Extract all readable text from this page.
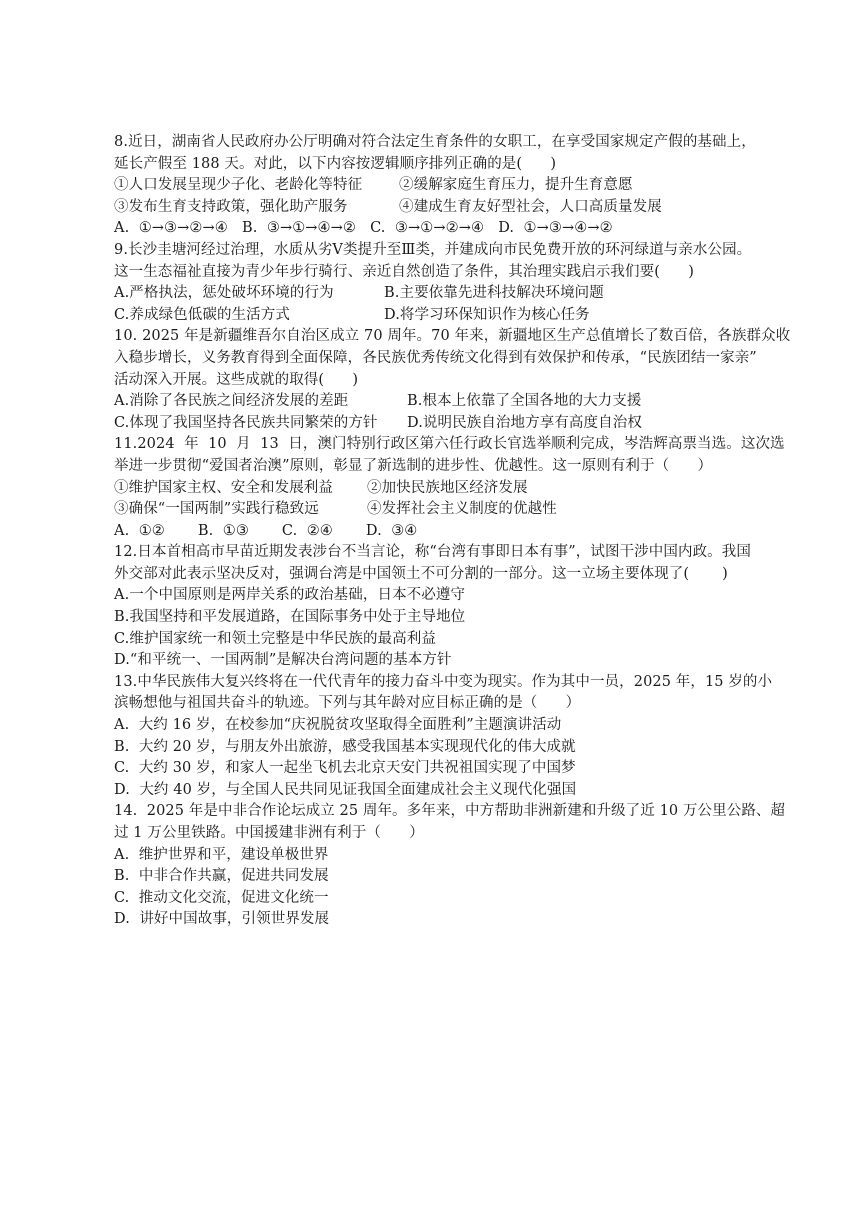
8.近日，湖南省人民政府办公厅明确对符合法定生育条件的女职工，在享受国家规定产假的基础上，
延长产假至 188 天。对此，以下内容按逻辑顺序排列正确的是(      )
①人口发展呈现少子化、老龄化等特征	②缓解家庭生育压力，提升生育意愿
③发布生育支持政策，强化助产服务	④建成生育友好型社会，人口高质量发展
A.  ①→③→②→④   B.  ③→①→④→②   C.  ③→①→②→④   D.  ①→③→④→②
9.长沙圭塘河经过治理，水质从劣Ⅴ类提升至Ⅲ类，并建成向市民免费开放的环河绿道与亲水公园。
这一生态福祉直接为青少年步行骑行、亲近自然创造了条件，其治理实践启示我们要(      )
A.严格执法，惩处破坏环境的行为	B.主要依靠先进科技解决环境问题
C.养成绿色低碳的生活方式	D.将学习环保知识作为核心任务
10. 2025 年是新疆维吾尔自治区成立 70 周年。70 年来，新疆地区生产总值增长了数百倍，各族群众收
入稳步增长，义务教育得到全面保障，各民族优秀传统文化得到有效保护和传承，“民族团结一家亲”
活动深入开展。这些成就的取得(      )
A.消除了各民族之间经济发展的差距	B.根本上依靠了全国各地的大力支援
C.体现了我国坚持各民族共同繁荣的方针	D.说明民族自治地方享有高度自治权
11.2024  年  10  月  13  日，澳门特别行政区第六任行政长官选举顺利完成，岑浩辉高票当选。这次选
举进一步贯彻“爱国者治澳”原则，彰显了新选制的进步性、优越性。这一原则有利于（      ）
①维护国家主权、安全和发展利益	②加快民族地区经济发展
③确保“一国两制”实践行稳致远	④发挥社会主义制度的优越性
A.  ①②       B.  ①③       C.  ②④       D.  ③④
12.日本首相高市早苗近期发表涉台不当言论，称“台湾有事即日本有事”，试图干涉中国内政。我国
外交部对此表示坚决反对，强调台湾是中国领土不可分割的一部分。这一立场主要体现了(       )
A.一个中国原则是两岸关系的政治基础，日本不必遵守
B.我国坚持和平发展道路，在国际事务中处于主导地位
C.维护国家统一和领土完整是中华民族的最高利益
D.“和平统一、一国两制”是解决台湾问题的基本方针
13.中华民族伟大复兴终将在一代代青年的接力奋斗中变为现实。作为其中一员，2025 年，15 岁的小
滨畅想他与祖国共奋斗的轨迹。下列与其年龄对应目标正确的是（      ）
A.  大约 16 岁，在校参加“庆祝脱贫攻坚取得全面胜利”主题演讲活动
B.  大约 20 岁，与朋友外出旅游，感受我国基本实现现代化的伟大成就
C.  大约 30 岁，和家人一起坐飞机去北京天安门共祝祖国实现了中国梦
D.  大约 40 岁，与全国人民共同见证我国全面建成社会主义现代化强国
14.  2025 年是中非合作论坛成立 25 周年。多年来，中方帮助非洲新建和升级了近 10 万公里公路、超
过 1 万公里铁路。中国援建非洲有利于（      ）
A.  维护世界和平，建设单极世界
B.  中非合作共赢，促进共同发展
C.  推动文化交流，促进文化统一
D.  讲好中国故事，引领世界发展
